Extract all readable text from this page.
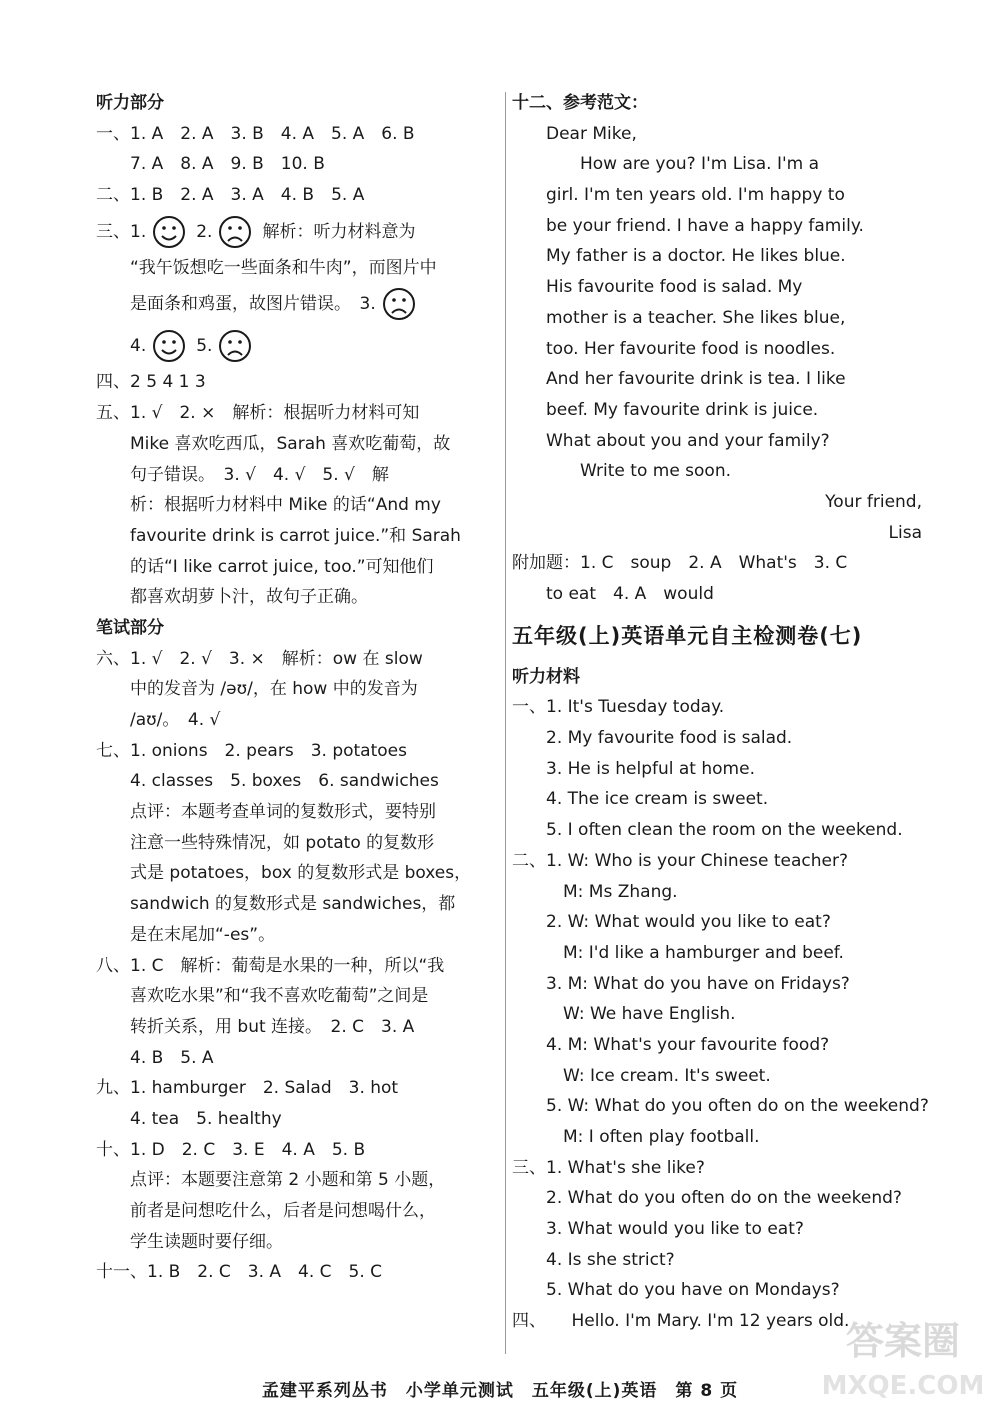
听力部分
一、1. A　2. A　3. B　4. A　5. A　6. B
　　7. A　8. A　9. B　10. B
二、1. B　2. A　3. A　4. B　5. A
三、1.	2.	解析：听力材料意为
　　“我午饭想吃一些面条和牛肉”，而图片中
　　是面条和鸡蛋，故图片错误。　3.
　　4.	5.
四、2 5 4 1 3
五、1. √　2. ×　解析：根据听力材料可知
　　Mike 喜欢吃西瓜，Sarah 喜欢吃葡萄，故
　　句子错误。　3. √　4. √　5. √　解
　　析：根据听力材料中 Mike 的话“And my
　　favourite drink is carrot juice.”和 Sarah
　　的话“I like carrot juice, too.”可知他们
　　都喜欢胡萝卜汁，故句子正确。
笔试部分
六、1. √　2. √　3. ×　解析：ow 在 slow
　　中的发音为 /əʊ/，在 how 中的发音为
　　/aʊ/。　4. √
七、1. onions　2. pears　3. potatoes
　　4. classes　5. boxes　6. sandwiches
　　点评：本题考查单词的复数形式，要特别
　　注意一些特殊情况，如 potato 的复数形
　　式是 potatoes，box 的复数形式是 boxes，
　　sandwich 的复数形式是 sandwiches，都
　　是在末尾加“-es”。
八、1. C　解析：葡萄是水果的一种，所以“我
　　喜欢吃水果”和“我不喜欢吃葡萄”之间是
　　转折关系，用 but 连接。　2. C　3. A
　　4. B　5. A
九、1. hamburger　2. Salad　3. hot
　　4. tea　5. healthy
十、1. D　2. C　3. E　4. A　5. B
　　点评：本题要注意第 2 小题和第 5 小题，
　　前者是问想吃什么，后者是问想喝什么，
　　学生读题时要仔细。
十一、1. B　2. C　3. A　4. C　5. C
十二、参考范文：
　　Dear Mike,
　　　　How are you? I'm Lisa. I'm a
　　girl. I'm ten years old. I'm happy to
　　be your friend. I have a happy family.
　　My father is a doctor. He likes blue.
　　His favourite food is salad. My
　　mother is a teacher. She likes blue,
　　too. Her favourite food is noodles.
　　And her favourite drink is tea. I like
　　beef. My favourite drink is juice.
　　What about you and your family?
　　　　Write to me soon.
Your friend,
Lisa
附加题：1. C　soup　2. A　What's　3. C
　　to eat　4. A　would
五年级(上)英语单元自主检测卷(七)
听力材料
一、1. It's Tuesday today.
　　2. My favourite food is salad.
　　3. He is helpful at home.
　　4. The ice cream is sweet.
　　5. I often clean the room on the weekend.
二、1. W: Who is your Chinese teacher?
　　　M: Ms Zhang.
　　2. W: What would you like to eat?
　　　M: I'd like a hamburger and beef.
　　3. M: What do you have on Fridays?
　　　W: We have English.
　　4. M: What's your favourite food?
　　　W: Ice cream. It's sweet.
　　5. W: What do you often do on the weekend?
　　　M: I often play football.
三、1. What's she like?
　　2. What do you often do on the weekend?
　　3. What would you like to eat?
　　4. Is she strict?
　　5. What do you have on Mondays?
四、　　Hello. I'm Mary. I'm 12 years old.
孟建平系列丛书　小学单元测试　五年级(上)英语　第 8 页
答案圈
MXQE.COM
